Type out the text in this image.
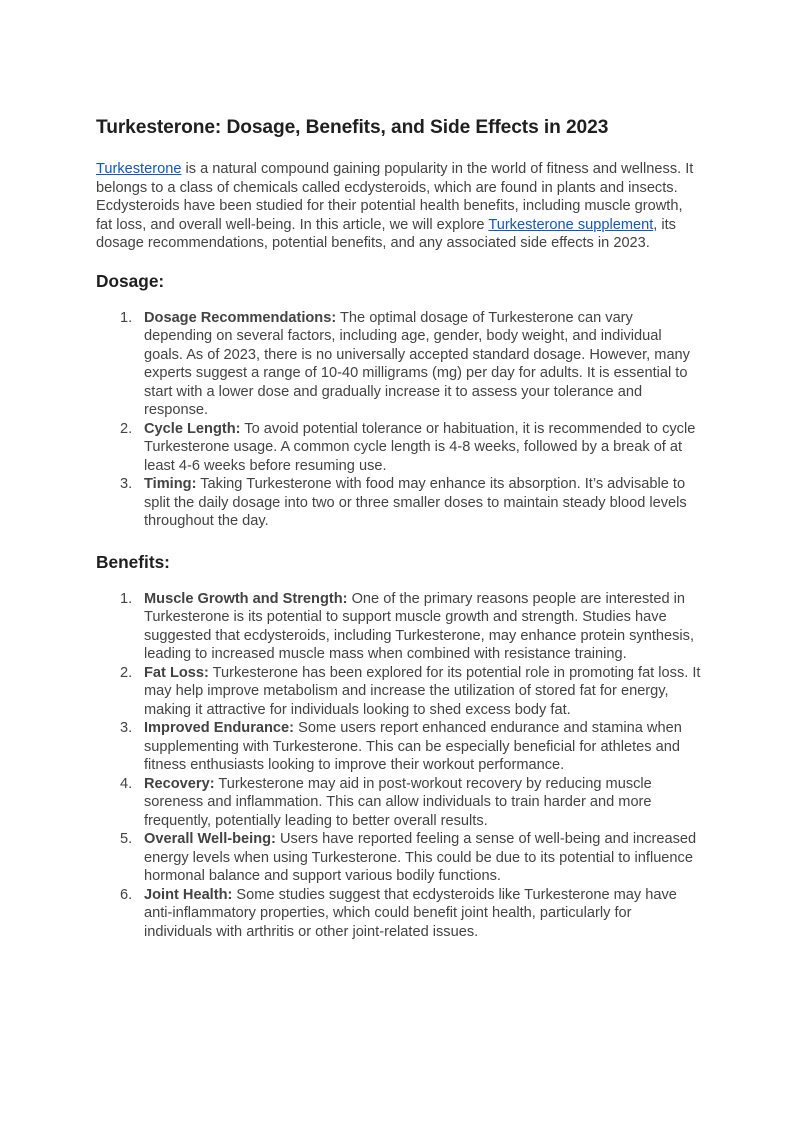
Turkesterone: Dosage, Benefits, and Side Effects in 2023

Turkesterone is a natural compound gaining popularity in the world of fitness and wellness. It belongs to a class of chemicals called ecdysteroids, which are found in plants and insects. Ecdysteroids have been studied for their potential health benefits, including muscle growth, fat loss, and overall well-being. In this article, we will explore Turkesterone supplement, its dosage recommendations, potential benefits, and any associated side effects in 2023.

Dosage:
1. Dosage Recommendations: The optimal dosage of Turkesterone can vary depending on several factors, including age, gender, body weight, and individual goals. As of 2023, there is no universally accepted standard dosage. However, many experts suggest a range of 10-40 milligrams (mg) per day for adults. It is essential to start with a lower dose and gradually increase it to assess your tolerance and response.
2. Cycle Length: To avoid potential tolerance or habituation, it is recommended to cycle Turkesterone usage. A common cycle length is 4-8 weeks, followed by a break of at least 4-6 weeks before resuming use.
3. Timing: Taking Turkesterone with food may enhance its absorption. It’s advisable to split the daily dosage into two or three smaller doses to maintain steady blood levels throughout the day.
Benefits:
1. Muscle Growth and Strength: One of the primary reasons people are interested in Turkesterone is its potential to support muscle growth and strength. Studies have suggested that ecdysteroids, including Turkesterone, may enhance protein synthesis, leading to increased muscle mass when combined with resistance training.
2. Fat Loss: Turkesterone has been explored for its potential role in promoting fat loss. It may help improve metabolism and increase the utilization of stored fat for energy, making it attractive for individuals looking to shed excess body fat.
3. Improved Endurance: Some users report enhanced endurance and stamina when supplementing with Turkesterone. This can be especially beneficial for athletes and fitness enthusiasts looking to improve their workout performance.
4. Recovery: Turkesterone may aid in post-workout recovery by reducing muscle soreness and inflammation. This can allow individuals to train harder and more frequently, potentially leading to better overall results.
5. Overall Well-being: Users have reported feeling a sense of well-being and increased energy levels when using Turkesterone. This could be due to its potential to influence hormonal balance and support various bodily functions.
6. Joint Health: Some studies suggest that ecdysteroids like Turkesterone may have anti-inflammatory properties, which could benefit joint health, particularly for individuals with arthritis or other joint-related issues.
